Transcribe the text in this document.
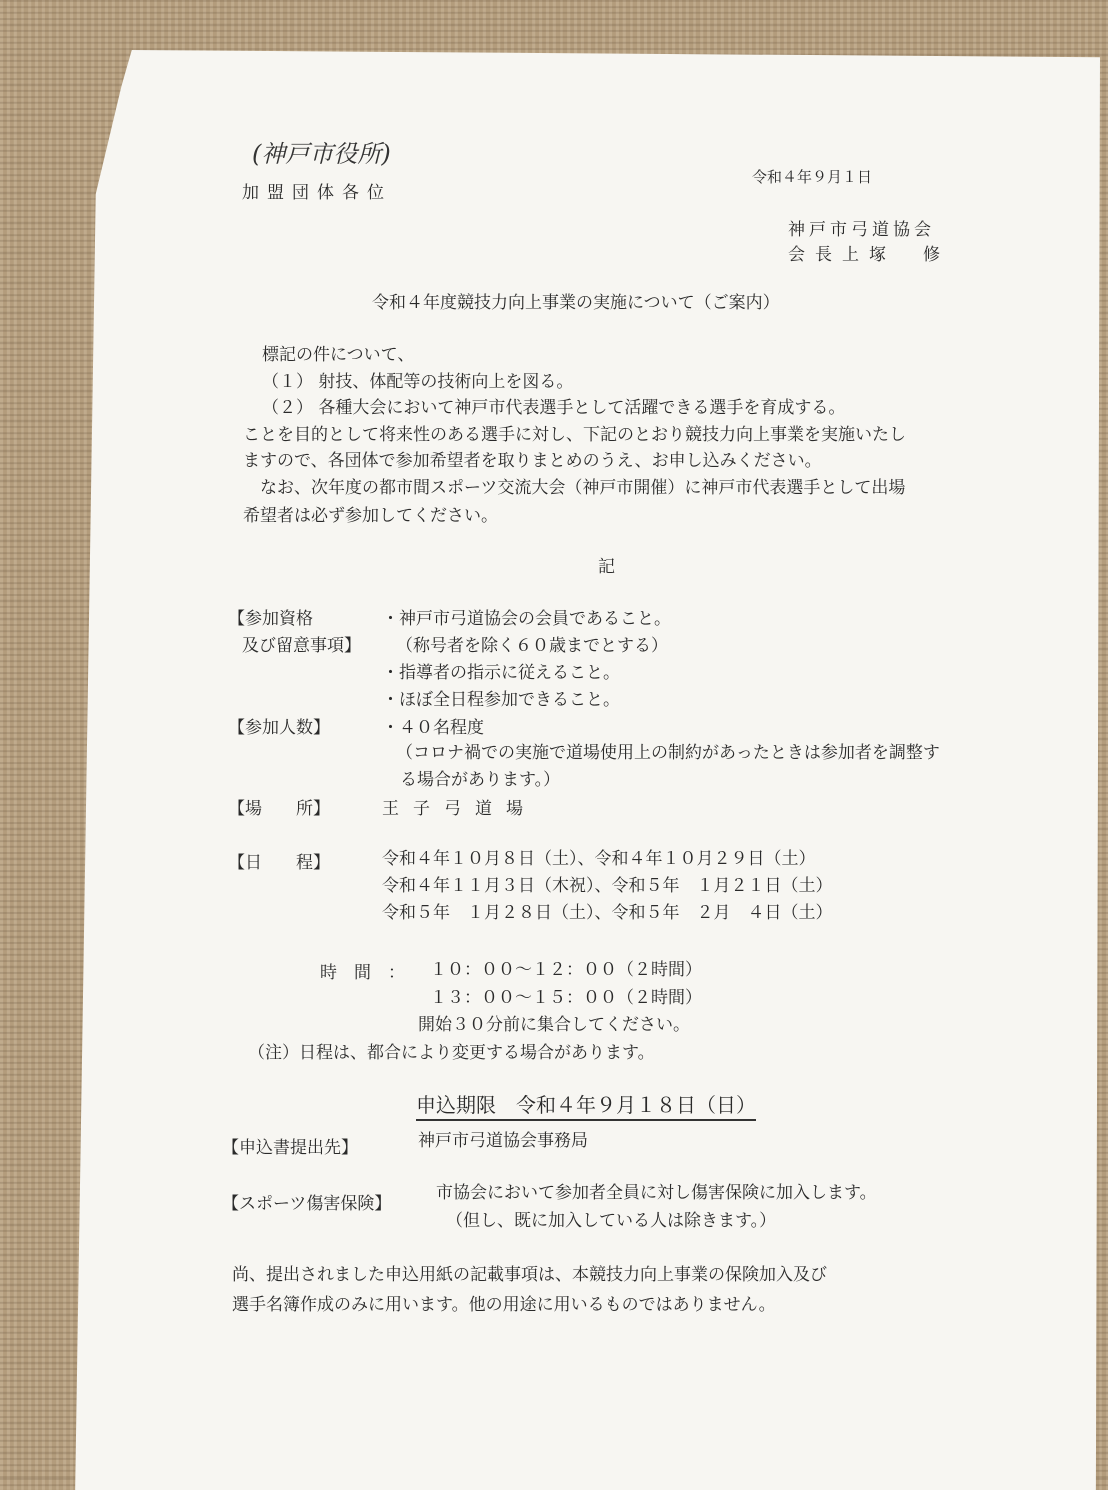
(神戸市役所)
加盟団体各位
令和４年９月１日
神戸市弓道協会
会長上塚　修
令和４年度競技力向上事業の実施について（ご案内）
標記の件について、
（１） 射技、体配等の技術向上を図る。
（２） 各種大会において神戸市代表選手として活躍できる選手を育成する。
ことを目的として将来性のある選手に対し、下記のとおり競技力向上事業を実施いたし
ますので、各団体で参加希望者を取りまとめのうえ、お申し込みください。
　なお、次年度の都市間スポーツ交流大会（神戸市開催）に神戸市代表選手として出場
希望者は必ず参加してください。
記
【参加資格
及び留意事項】
・神戸市弓道協会の会員であること。
（称号者を除く６０歳までとする）
・指導者の指示に従えること。
・ほぼ全日程参加できること。
【参加人数】	・４０名程度
（コロナ禍での実施で道場使用上の制約があったときは参加者を調整す
る場合があります。）
【場　　所】	王子弓道場
【日　　程】	令和４年１０月８日（土）、令和４年１０月２９日（土）
令和４年１１月３日（木祝）、令和５年　１月２１日（土）
令和５年　１月２８日（土）、令和５年　２月　４日（土）
時　間　： １０：００～１２：００（２時間）
１３：００～１５：００（２時間）
開始３０分前に集合してください。
（注）日程は、都合により変更する場合があります。
申込期限　令和４年９月１８日（日）
【申込書提出先】	神戸市弓道協会事務局
【スポーツ傷害保険】
市協会において参加者全員に対し傷害保険に加入します。
（但し、既に加入している人は除きます。）
尚、提出されました申込用紙の記載事項は、本競技力向上事業の保険加入及び
選手名簿作成のみに用います。他の用途に用いるものではありません。
